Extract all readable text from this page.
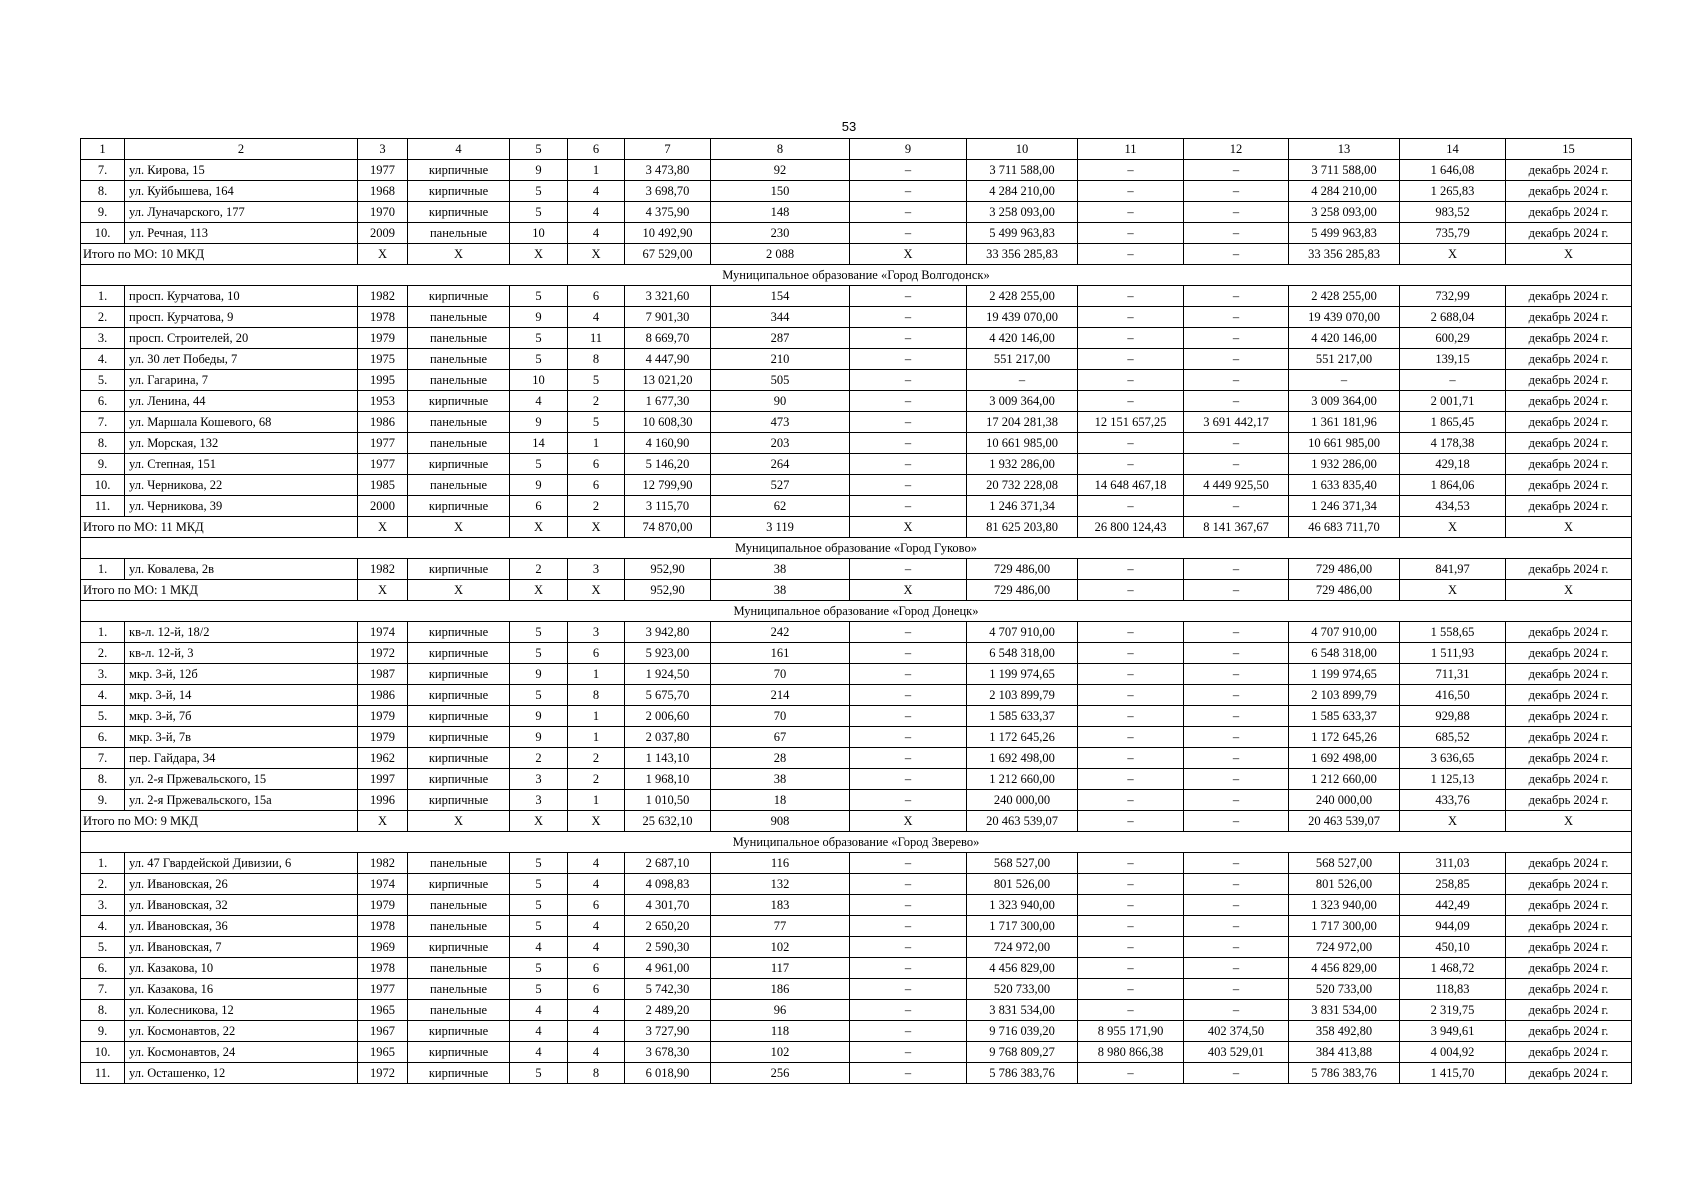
53
1	2	3	4	5	6	7	8	9	10	11	12	13	14	15
7.	ул. Кирова, 15	1977	кирпичные	9	1	3 473,80	92	–	3 711 588,00	–	–	3 711 588,00	1 646,08	декабрь 2024 г.
8.	ул. Куйбышева, 164	1968	кирпичные	5	4	3 698,70	150	–	4 284 210,00	–	–	4 284 210,00	1 265,83	декабрь 2024 г.
9.	ул. Луначарского, 177	1970	кирпичные	5	4	4 375,90	148	–	3 258 093,00	–	–	3 258 093,00	983,52	декабрь 2024 г.
10.	ул. Речная, 113	2009	панельные	10	4	10 492,90	230	–	5 499 963,83	–	–	5 499 963,83	735,79	декабрь 2024 г.
Итого по МО: 10 МКД		X	X	X	X	67 529,00	2 088	X	33 356 285,83	–	–	33 356 285,83	X	X
Муниципальное образование «Город Волгодонск»														
1.	просп. Курчатова, 10	1982	кирпичные	5	6	3 321,60	154	–	2 428 255,00	–	–	2 428 255,00	732,99	декабрь 2024 г.
2.	просп. Курчатова, 9	1978	панельные	9	4	7 901,30	344	–	19 439 070,00	–	–	19 439 070,00	2 688,04	декабрь 2024 г.
3.	просп. Строителей, 20	1979	панельные	5	11	8 669,70	287	–	4 420 146,00	–	–	4 420 146,00	600,29	декабрь 2024 г.
4.	ул. 30 лет Победы, 7	1975	панельные	5	8	4 447,90	210	–	551 217,00	–	–	551 217,00	139,15	декабрь 2024 г.
5.	ул. Гагарина, 7	1995	панельные	10	5	13 021,20	505	–	–	–	–	–	–	декабрь 2024 г.
6.	ул. Ленина, 44	1953	кирпичные	4	2	1 677,30	90	–	3 009 364,00	–	–	3 009 364,00	2 001,71	декабрь 2024 г.
7.	ул. Маршала Кошевого, 68	1986	панельные	9	5	10 608,30	473	–	17 204 281,38	12 151 657,25	3 691 442,17	1 361 181,96	1 865,45	декабрь 2024 г.
8.	ул. Морская, 132	1977	панельные	14	1	4 160,90	203	–	10 661 985,00	–	–	10 661 985,00	4 178,38	декабрь 2024 г.
9.	ул. Степная, 151	1977	кирпичные	5	6	5 146,20	264	–	1 932 286,00	–	–	1 932 286,00	429,18	декабрь 2024 г.
10.	ул. Черникова, 22	1985	панельные	9	6	12 799,90	527	–	20 732 228,08	14 648 467,18	4 449 925,50	1 633 835,40	1 864,06	декабрь 2024 г.
11.	ул. Черникова, 39	2000	кирпичные	6	2	3 115,70	62	–	1 246 371,34	–	–	1 246 371,34	434,53	декабрь 2024 г.
Итого по МО: 11 МКД		X	X	X	X	74 870,00	3 119	X	81 625 203,80	26 800 124,43	8 141 367,67	46 683 711,70	X	X
Муниципальное образование «Город Гуково»														
1.	ул. Ковалева, 2в	1982	кирпичные	2	3	952,90	38	–	729 486,00	–	–	729 486,00	841,97	декабрь 2024 г.
Итого по МО: 1 МКД		X	X	X	X	952,90	38	X	729 486,00	–	–	729 486,00	X	X
Муниципальное образование «Город Донецк»														
1.	кв-л. 12-й, 18/2	1974	кирпичные	5	3	3 942,80	242	–	4 707 910,00	–	–	4 707 910,00	1 558,65	декабрь 2024 г.
2.	кв-л. 12-й, 3	1972	кирпичные	5	6	5 923,00	161	–	6 548 318,00	–	–	6 548 318,00	1 511,93	декабрь 2024 г.
3.	мкр. 3-й, 12б	1987	кирпичные	9	1	1 924,50	70	–	1 199 974,65	–	–	1 199 974,65	711,31	декабрь 2024 г.
4.	мкр. 3-й, 14	1986	кирпичные	5	8	5 675,70	214	–	2 103 899,79	–	–	2 103 899,79	416,50	декабрь 2024 г.
5.	мкр. 3-й, 7б	1979	кирпичные	9	1	2 006,60	70	–	1 585 633,37	–	–	1 585 633,37	929,88	декабрь 2024 г.
6.	мкр. 3-й, 7в	1979	кирпичные	9	1	2 037,80	67	–	1 172 645,26	–	–	1 172 645,26	685,52	декабрь 2024 г.
7.	пер. Гайдара, 34	1962	кирпичные	2	2	1 143,10	28	–	1 692 498,00	–	–	1 692 498,00	3 636,65	декабрь 2024 г.
8.	ул. 2-я Пржевальского, 15	1997	кирпичные	3	2	1 968,10	38	–	1 212 660,00	–	–	1 212 660,00	1 125,13	декабрь 2024 г.
9.	ул. 2-я Пржевальского, 15а	1996	кирпичные	3	1	1 010,50	18	–	240 000,00	–	–	240 000,00	433,76	декабрь 2024 г.
Итого по МО: 9 МКД		X	X	X	X	25 632,10	908	X	20 463 539,07	–	–	20 463 539,07	X	X
Муниципальное образование «Город Зверево»														
1.	ул. 47 Гвардейской Дивизии, 6	1982	панельные	5	4	2 687,10	116	–	568 527,00	–	–	568 527,00	311,03	декабрь 2024 г.
2.	ул. Ивановская, 26	1974	кирпичные	5	4	4 098,83	132	–	801 526,00	–	–	801 526,00	258,85	декабрь 2024 г.
3.	ул. Ивановская, 32	1979	панельные	5	6	4 301,70	183	–	1 323 940,00	–	–	1 323 940,00	442,49	декабрь 2024 г.
4.	ул. Ивановская, 36	1978	панельные	5	4	2 650,20	77	–	1 717 300,00	–	–	1 717 300,00	944,09	декабрь 2024 г.
5.	ул. Ивановская, 7	1969	кирпичные	4	4	2 590,30	102	–	724 972,00	–	–	724 972,00	450,10	декабрь 2024 г.
6.	ул. Казакова, 10	1978	панельные	5	6	4 961,00	117	–	4 456 829,00	–	–	4 456 829,00	1 468,72	декабрь 2024 г.
7.	ул. Казакова, 16	1977	панельные	5	6	5 742,30	186	–	520 733,00	–	–	520 733,00	118,83	декабрь 2024 г.
8.	ул. Колесникова, 12	1965	панельные	4	4	2 489,20	96	–	3 831 534,00	–	–	3 831 534,00	2 319,75	декабрь 2024 г.
9.	ул. Космонавтов, 22	1967	кирпичные	4	4	3 727,90	118	–	9 716 039,20	8 955 171,90	402 374,50	358 492,80	3 949,61	декабрь 2024 г.
10.	ул. Космонавтов, 24	1965	кирпичные	4	4	3 678,30	102	–	9 768 809,27	8 980 866,38	403 529,01	384 413,88	4 004,92	декабрь 2024 г.
11.	ул. Осташенко, 12	1972	кирпичные	5	8	6 018,90	256	–	5 786 383,76	–	–	5 786 383,76	1 415,70	декабрь 2024 г.
